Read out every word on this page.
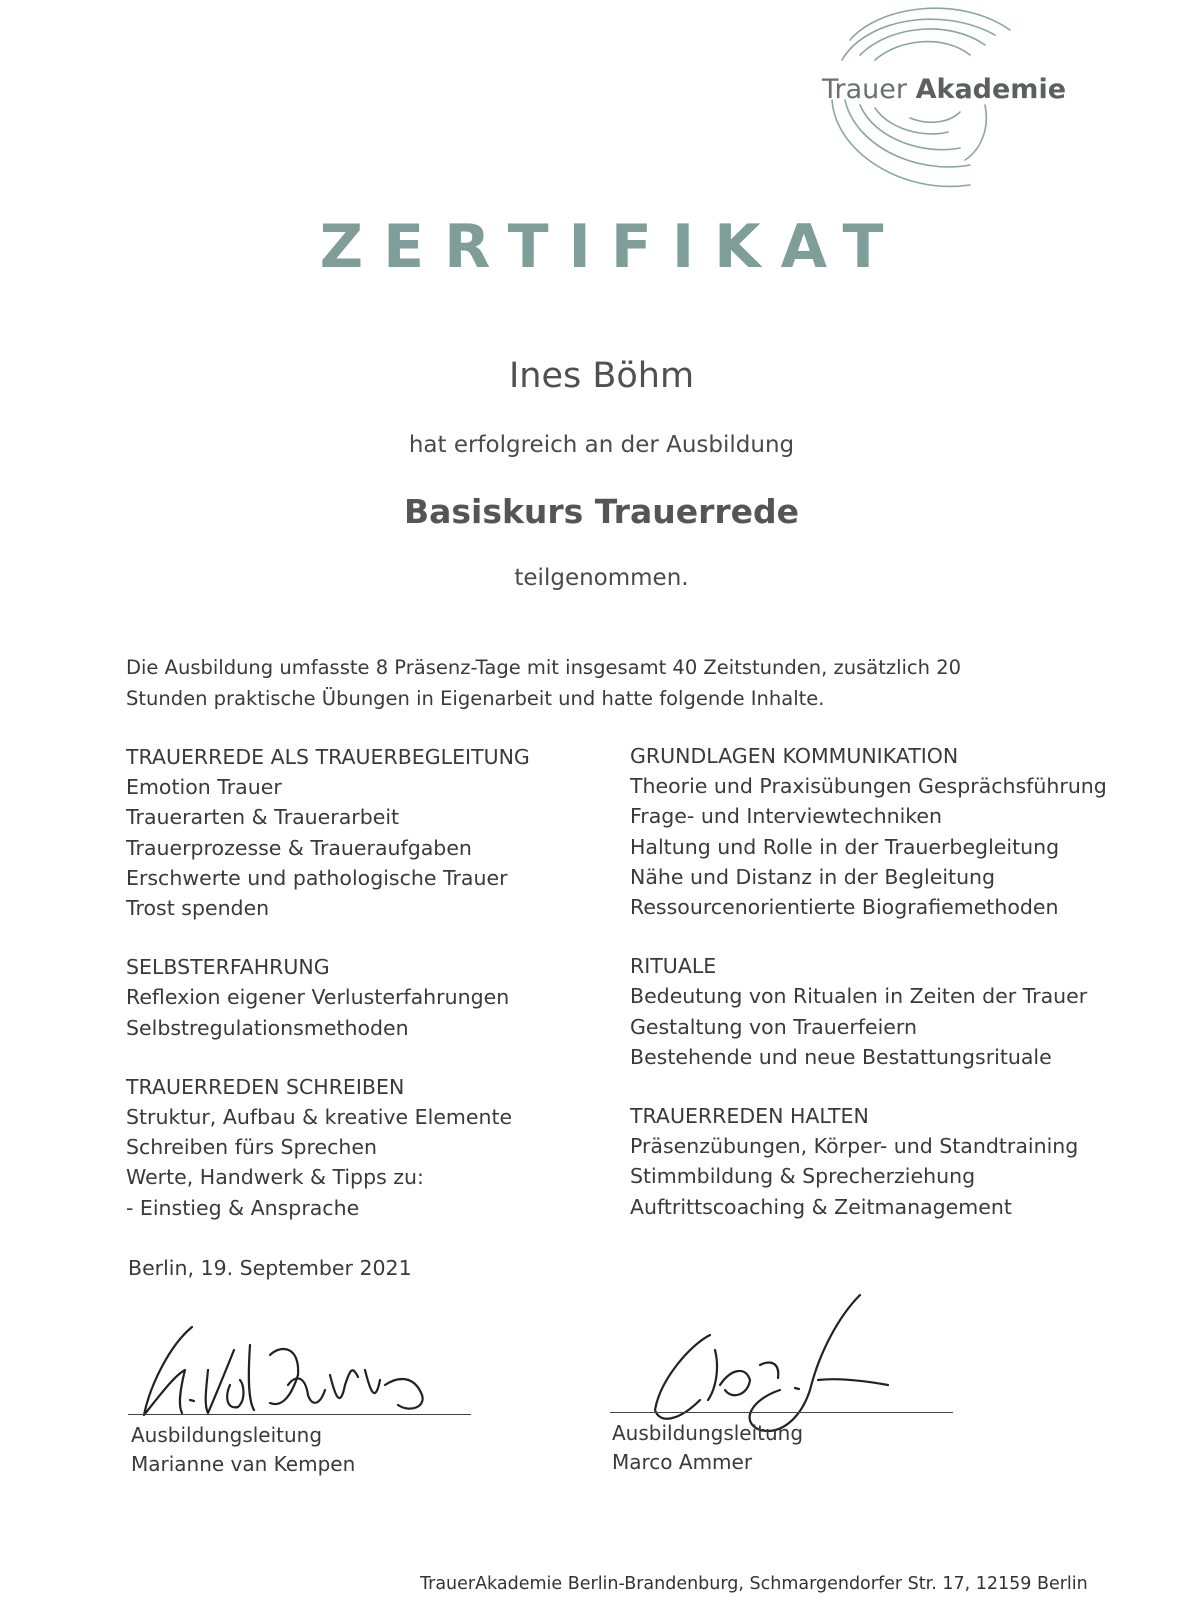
Trauer Akademie
ZERTIFIKAT
Ines Böhm
hat erfolgreich an der Ausbildung
Basiskurs Trauerrede
teilgenommen.
Die Ausbildung umfasste 8 Präsenz-Tage mit insgesamt 40 Zeitstunden, zusätzlich 20
Stunden praktische Übungen in Eigenarbeit und hatte folgende Inhalte.
TRAUERREDE ALS TRAUERBEGLEITUNG
Emotion Trauer
Trauerarten & Trauerarbeit
Trauerprozesse & Traueraufgaben
Erschwerte und pathologische Trauer
Trost spenden
SELBSTERFAHRUNG
Reflexion eigener Verlusterfahrungen
Selbstregulationsmethoden
TRAUERREDEN SCHREIBEN
Struktur, Aufbau & kreative Elemente
Schreiben fürs Sprechen
Werte, Handwerk & Tipps zu:
- Einstieg & Ansprache
GRUNDLAGEN KOMMUNIKATION
Theorie und Praxisübungen Gesprächsführung
Frage- und Interviewtechniken
Haltung und Rolle in der Trauerbegleitung
Nähe und Distanz in der Begleitung
Ressourcenorientierte Biografiemethoden
RITUALE
Bedeutung von Ritualen in Zeiten der Trauer
Gestaltung von Trauerfeiern
Bestehende und neue Bestattungsrituale
TRAUERREDEN HALTEN
Präsenzübungen, Körper- und Standtraining
Stimmbildung & Sprecherziehung
Auftrittscoaching & Zeitmanagement
Berlin, 19. September 2021
Ausbildungsleitung
Marianne van Kempen
Ausbildungsleitung
Marco Ammer
TrauerAkademie Berlin-Brandenburg, Schmargendorfer Str. 17, 12159 Berlin
